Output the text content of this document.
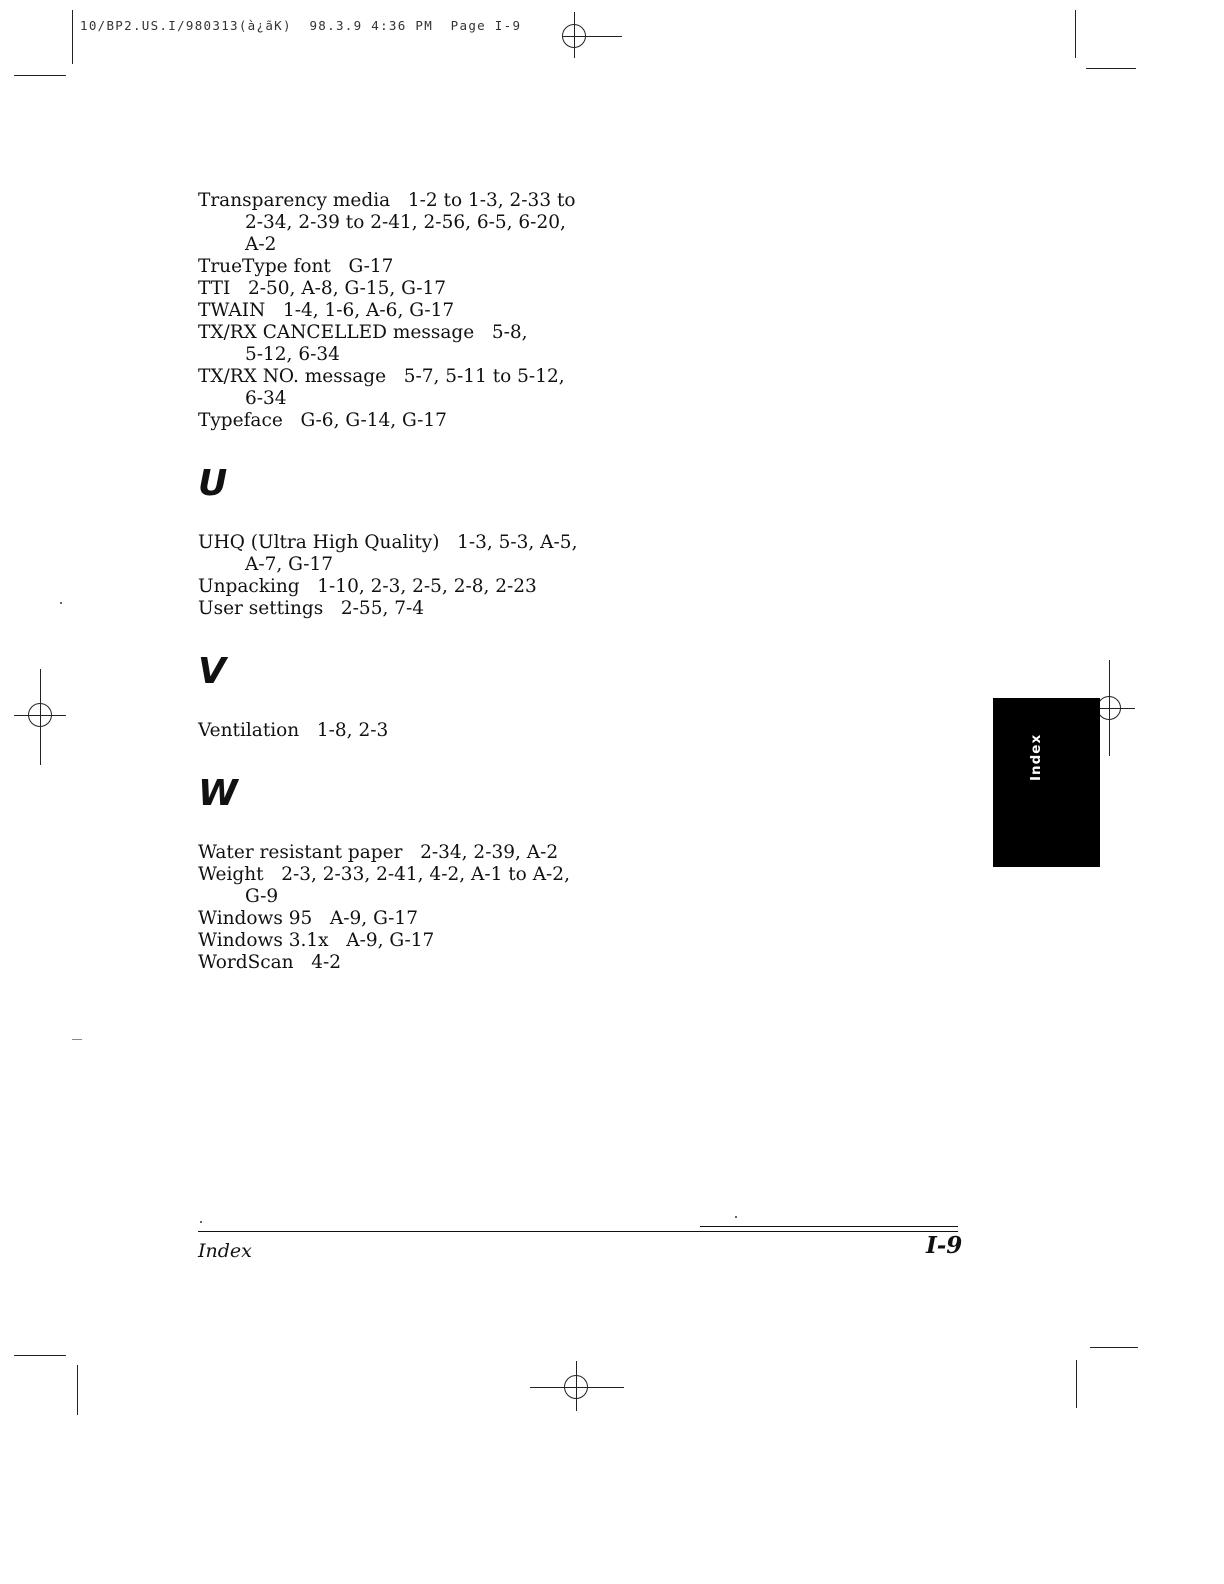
10/BP2.US.I/980313(à¿ãK)  98.3.9 4:36 PM  Page I-9
Transparency media 1-2 to 1-3, 2-33 to
2-34, 2-39 to 2-41, 2-56, 6-5, 6-20,
A-2
TrueType font G-17
TTI 2-50, A-8, G-15, G-17
TWAIN 1-4, 1-6, A-6, G-17
TX/RX CANCELLED message 5-8,
5-12, 6-34
TX/RX NO. message 5-7, 5-11 to 5-12,
6-34
Typeface G-6, G-14, G-17
U
UHQ (Ultra High Quality) 1-3, 5-3, A-5,
A-7, G-17
Unpacking 1-10, 2-3, 2-5, 2-8, 2-23
User settings 2-55, 7-4
V
Ventilation 1-8, 2-3
W
Water resistant paper 2-34, 2-39, A-2
Weight 2-3, 2-33, 2-41, 4-2, A-1 to A-2,
G-9
Windows 95 A-9, G-17
Windows 3.1x A-9, G-17
WordScan 4-2
Index	I-9
